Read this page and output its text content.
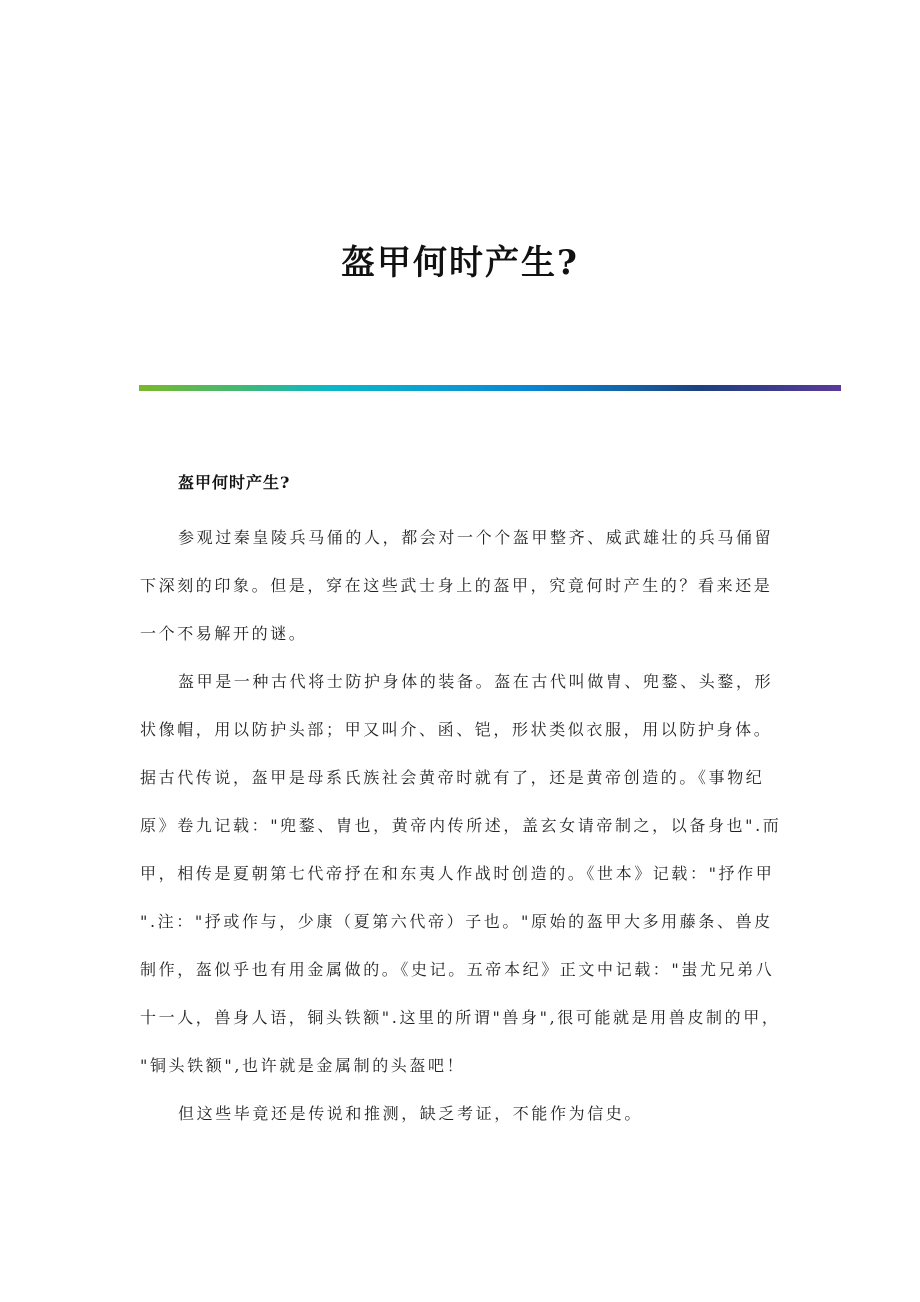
盔甲何时产生?
盔甲何时产生?
参观过秦皇陵兵马俑的人，都会对一个个盔甲整齐、威武雄壮的兵马俑留
下深刻的印象。但是，穿在这些武士身上的盔甲，究竟何时产生的？看来还是
一个不易解开的谜。
盔甲是一种古代将士防护身体的装备。盔在古代叫做胄、兜鍪、头鍪，形
状像帽，用以防护头部；甲又叫介、函、铠，形状类似衣服，用以防护身体。
据古代传说，盔甲是母系氏族社会黄帝时就有了，还是黄帝创造的。《事物纪
原》卷九记载："兜鍪、胄也，黄帝内传所述，盖玄女请帝制之，以备身也".而
甲，相传是夏朝第七代帝抒在和东夷人作战时创造的。《世本》记载："抒作甲
".注："抒或作与，少康（夏第六代帝）子也。"原始的盔甲大多用藤条、兽皮
制作，盔似乎也有用金属做的。《史记。五帝本纪》正文中记载："蚩尤兄弟八
十一人，兽身人语，铜头铁额".这里的所谓"兽身",很可能就是用兽皮制的甲，
"铜头铁额",也许就是金属制的头盔吧！
但这些毕竟还是传说和推测，缺乏考证，不能作为信史。
